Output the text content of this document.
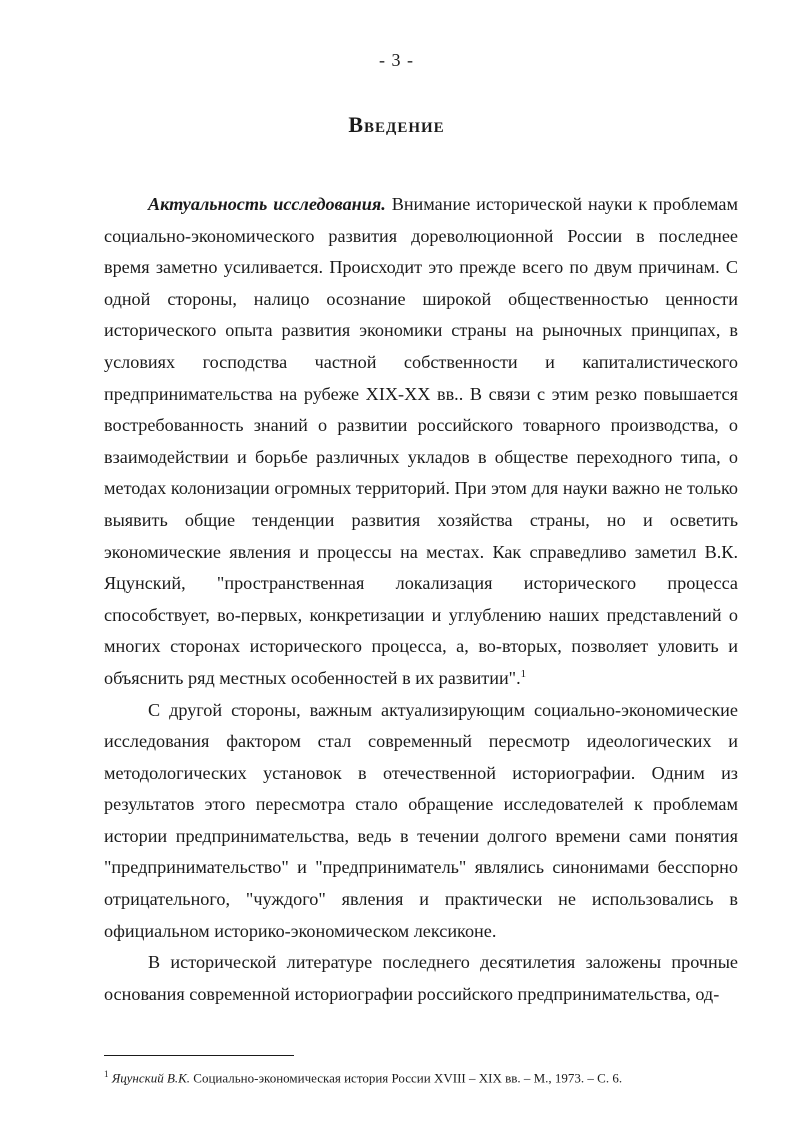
- 3 -
Введение

Актуальность исследования. Внимание исторической науки к проблемам социально-экономического развития дореволюционной России в последнее время заметно усиливается. Происходит это прежде всего по двум причинам. С одной стороны, налицо осознание широкой общественностью ценности исторического опыта развития экономики страны на рыночных принципах, в условиях господства частной собственности и капиталистического предпринимательства на рубеже XIX-XX вв.. В связи с этим резко повышается востребованность знаний о развитии российского товарного производства, о взаимодействии и борьбе различных укладов в обществе переходного типа, о методах колонизации огромных территорий. При этом для науки важно не только выявить общие тенденции развития хозяйства страны, но и осветить экономические явления и процессы на местах. Как справедливо заметил В.К. Яцунский, "пространственная локализация исторического процесса способствует, во-первых, конкретизации и углублению наших представлений о многих сторонах исторического процесса, а, во-вторых, позволяет уловить и объяснить ряд местных особенностей в их развитии".$^1$

С другой стороны, важным актуализирующим социально-экономические исследования фактором стал современный пересмотр идеологических и методологических установок в отечественной историографии. Одним из результатов этого пересмотра стало обращение исследователей к проблемам истории предпринимательства, ведь в течении долгого времени сами понятия "предпринимательство" и "предприниматель" являлись синонимами бесспорно отрицательного, "чуждого" явления и практически не использовались в официальном историко-экономическом лексиконе.

В исторической литературе последнего десятилетия заложены прочные основания современной историографии российского предпринимательства, од-

$^1$ Яцунский В.К. Социально-экономическая история России XVIII – XIX вв. – М., 1973. – С. 6.
